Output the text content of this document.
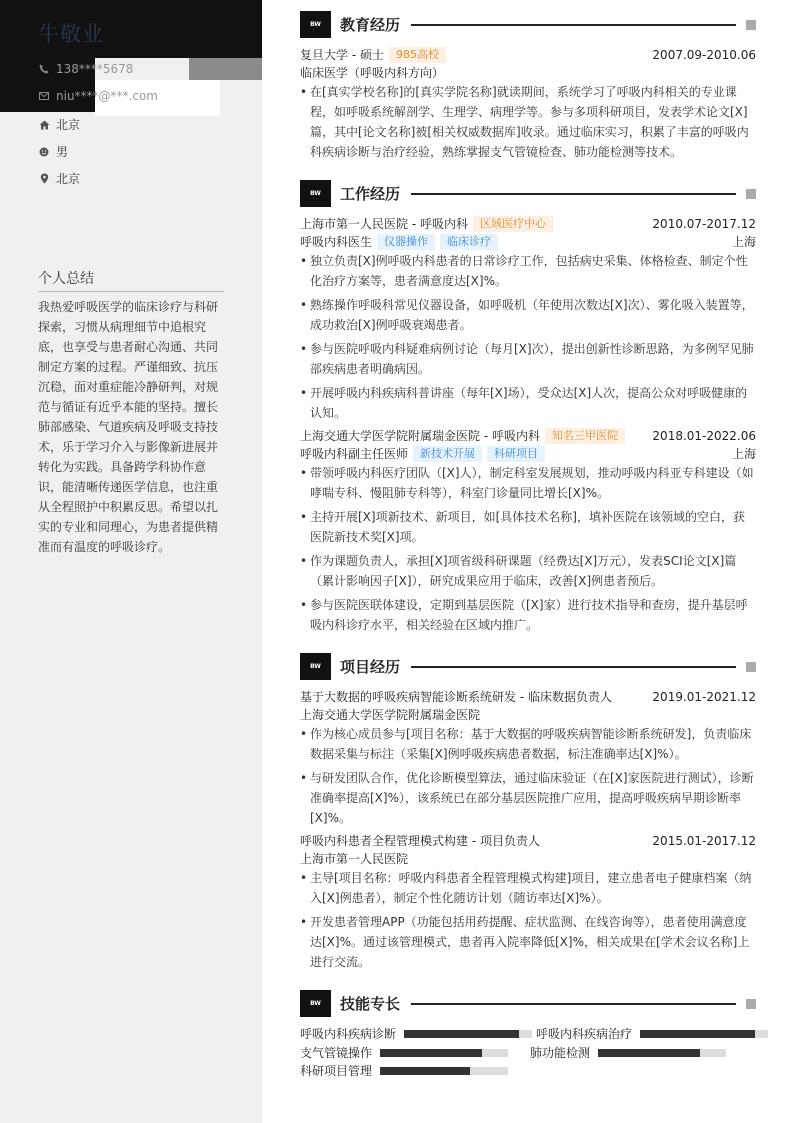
牛敬业
138****5678
niu****@***.com
北京
男
北京
个人总结
我热爱呼吸医学的临床诊疗与科研探索，习惯从病理细节中追根究底，也享受与患者耐心沟通、共同制定方案的过程。严谨细致、抗压沉稳，面对重症能冷静研判，对规范与循证有近乎本能的坚持。擅长肺部感染、气道疾病及呼吸支持技术，乐于学习介入与影像新进展并转化为实践。具备跨学科协作意识，能清晰传递医学信息，也注重从全程照护中积累反思。希望以扎实的专业和同理心，为患者提供精准而有温度的呼吸诊疗。
BW	教育经历
复旦大学 - 硕士	985高校	2007.09-2010.06
临床医学（呼吸内科方向）
• 在[真实学校名称]的[真实学院名称]就读期间，系统学习了呼吸内科相关的专业课程，如呼吸系统解剖学、生理学、病理学等。参与多项科研项目，发表学术论文[X]篇，其中[论文名称]被[相关权威数据库]收录。通过临床实习，积累了丰富的呼吸内科疾病诊断与治疗经验，熟练掌握支气管镜检查、肺功能检测等技术。
BW	工作经历
上海市第一人民医院 - 呼吸内科	区域医疗中心	2010.07-2017.12
呼吸内科医生	仪器操作	临床诊疗	上海
• 独立负责[X]例呼吸内科患者的日常诊疗工作，包括病史采集、体格检查、制定个性化治疗方案等，患者满意度达[X]%。
• 熟练操作呼吸科常见仪器设备，如呼吸机（年使用次数达[X]次）、雾化吸入装置等，成功救治[X]例呼吸衰竭患者。
• 参与医院呼吸内科疑难病例讨论（每月[X]次），提出创新性诊断思路，为多例罕见肺部疾病患者明确病因。
• 开展呼吸内科疾病科普讲座（每年[X]场），受众达[X]人次，提高公众对呼吸健康的认知。
上海交通大学医学院附属瑞金医院 - 呼吸内科	知名三甲医院	2018.01-2022.06
呼吸内科副主任医师	新技术开展	科研项目	上海
• 带领呼吸内科医疗团队（[X]人），制定科室发展规划，推动呼吸内科亚专科建设（如哮喘专科、慢阻肺专科等），科室门诊量同比增长[X]%。
• 主持开展[X]项新技术、新项目，如[具体技术名称]，填补医院在该领域的空白，获医院新技术奖[X]项。
• 作为课题负责人，承担[X]项省级科研课题（经费达[X]万元），发表SCI论文[X]篇（累计影响因子[X]），研究成果应用于临床，改善[X]例患者预后。
• 参与医院医联体建设，定期到基层医院（[X]家）进行技术指导和查房，提升基层呼吸内科诊疗水平，相关经验在区域内推广。
BW	项目经历
基于大数据的呼吸疾病智能诊断系统研发 - 临床数据负责人	2019.01-2021.12
上海交通大学医学院附属瑞金医院
• 作为核心成员参与[项目名称：基于大数据的呼吸疾病智能诊断系统研发]，负责临床数据采集与标注（采集[X]例呼吸疾病患者数据，标注准确率达[X]%）。
• 与研发团队合作，优化诊断模型算法，通过临床验证（在[X]家医院进行测试），诊断准确率提高[X]%），该系统已在部分基层医院推广应用，提高呼吸疾病早期诊断率[X]%。
呼吸内科患者全程管理模式构建 - 项目负责人	2015.01-2017.12
上海市第一人民医院
• 主导[项目名称：呼吸内科患者全程管理模式构建]项目，建立患者电子健康档案（纳入[X]例患者），制定个性化随访计划（随访率达[X]%）。
• 开发患者管理APP（功能包括用药提醒、症状监测、在线咨询等），患者使用满意度达[X]%。通过该管理模式，患者再入院率降低[X]%，相关成果在[学术会议名称]上进行交流。
BW	技能专长
呼吸内科疾病诊断	呼吸内科疾病治疗
支气管镜操作	肺功能检测
科研项目管理
